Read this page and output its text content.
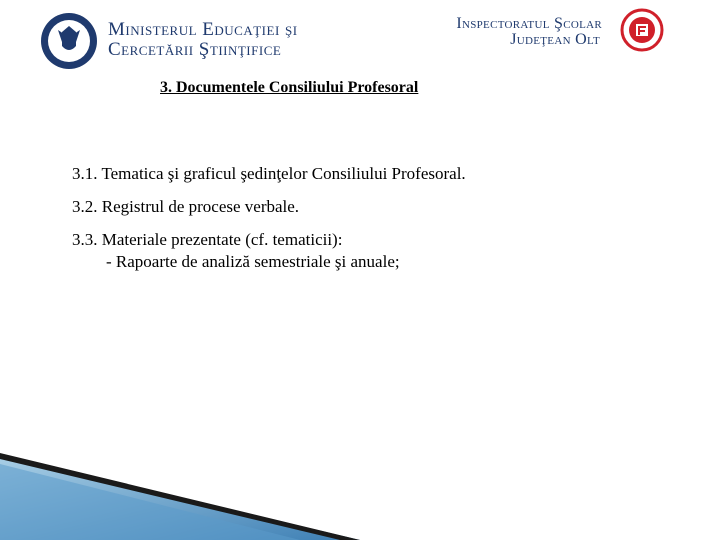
Ministerul Educaţiei şi
Cercetării Ştiinţifice
Inspectoratul Şcolar
Judeţean Olt
3. Documentele Consiliului Profesoral
3.1. Tematica şi graficul şedinţelor Consiliului Profesoral.
3.2. Registrul de procese verbale.
3.3. Materiale prezentate (cf. tematicii):
- Rapoarte de analiză semestriale şi anuale;
